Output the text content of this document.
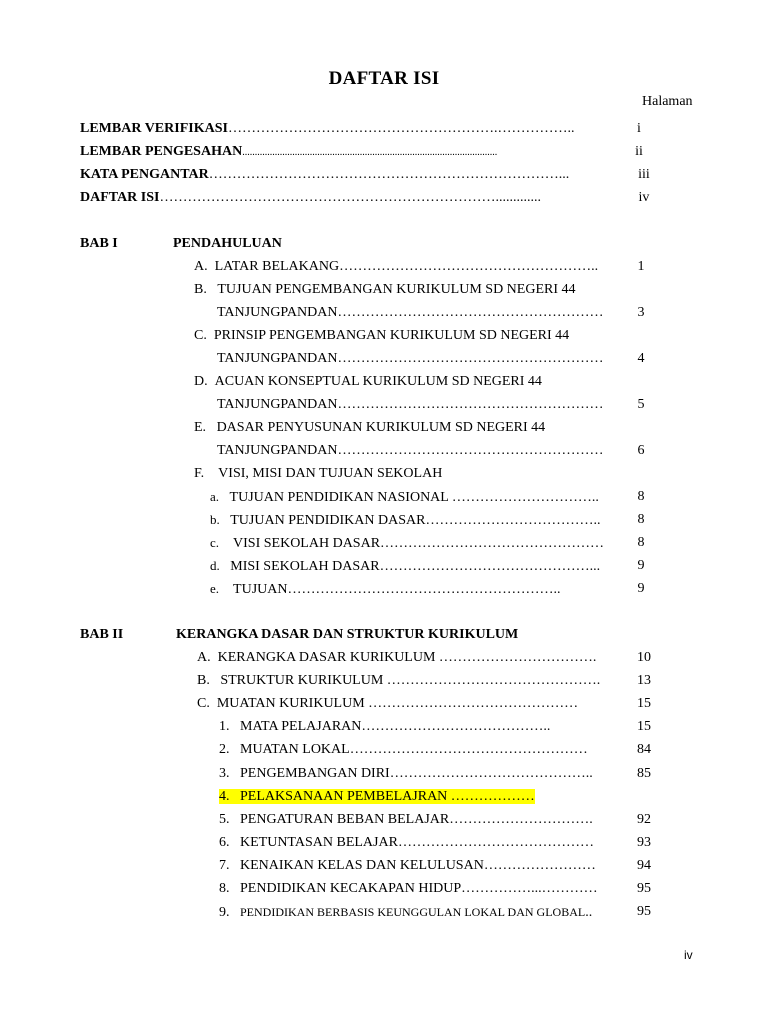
DAFTAR ISI
Halaman
LEMBAR VERIFIKASI………………………………………………….……………..	i
LEMBAR PENGESAHAN......................................................................................................	ii
KATA PENGANTAR…………………………………………………………………...	iii
DAFTAR ISI……………………………………………………………….............	iv
BAB I	PENDAHULUAN
A. LATAR BELAKANG………………………………………………..	1
B. TUJUAN PENGEMBANGAN KURIKULUM SD NEGERI 44
TANJUNGPANDAN…………………………………………………	3
C. PRINSIP PENGEMBANGAN KURIKULUM SD NEGERI 44
TANJUNGPANDAN…………………………………………………	4
D. ACUAN KONSEPTUAL KURIKULUM SD NEGERI 44
TANJUNGPANDAN…………………………………………………	5
E. DASAR PENYUSUNAN KURIKULUM SD NEGERI 44
TANJUNGPANDAN…………………………………………………	6
F. VISI, MISI DAN TUJUAN SEKOLAH
a. TUJUAN PENDIDIKAN NASIONAL …………………………..	8
b. TUJUAN PENDIDIKAN DASAR………………………………..	8
c. VISI SEKOLAH DASAR…………………………………………	8
d. MISI SEKOLAH DASAR………………………………………...	9
e. TUJUAN…………………………………………………..	9
BAB II	KERANGKA DASAR DAN STRUKTUR KURIKULUM
A. KERANGKA DASAR KURIKULUM …………………………….	10
B. STRUKTUR KURIKULUM ……………………………………….	13
C. MUATAN KURIKULUM ………………………………………	15
1. MATA PELAJARAN…………………………………..	15
2. MUATAN LOKAL……………………………………………	84
3. PENGEMBANGAN DIRI……………………………………..	85
4. PELAKSANAAN PEMBELAJRAN ………………
5. PENGATURAN BEBAN BELAJAR………………………….	92
6. KETUNTASAN BELAJAR……………………………………	93
7. KENAIKAN KELAS DAN KELULUSAN……………………	94
8. PENDIDIKAN KECAKAPAN HIDUP……………...…………	95
9. PENDIDIKAN BERBASIS KEUNGGULAN LOKAL DAN GLOBAL..	95
iv
